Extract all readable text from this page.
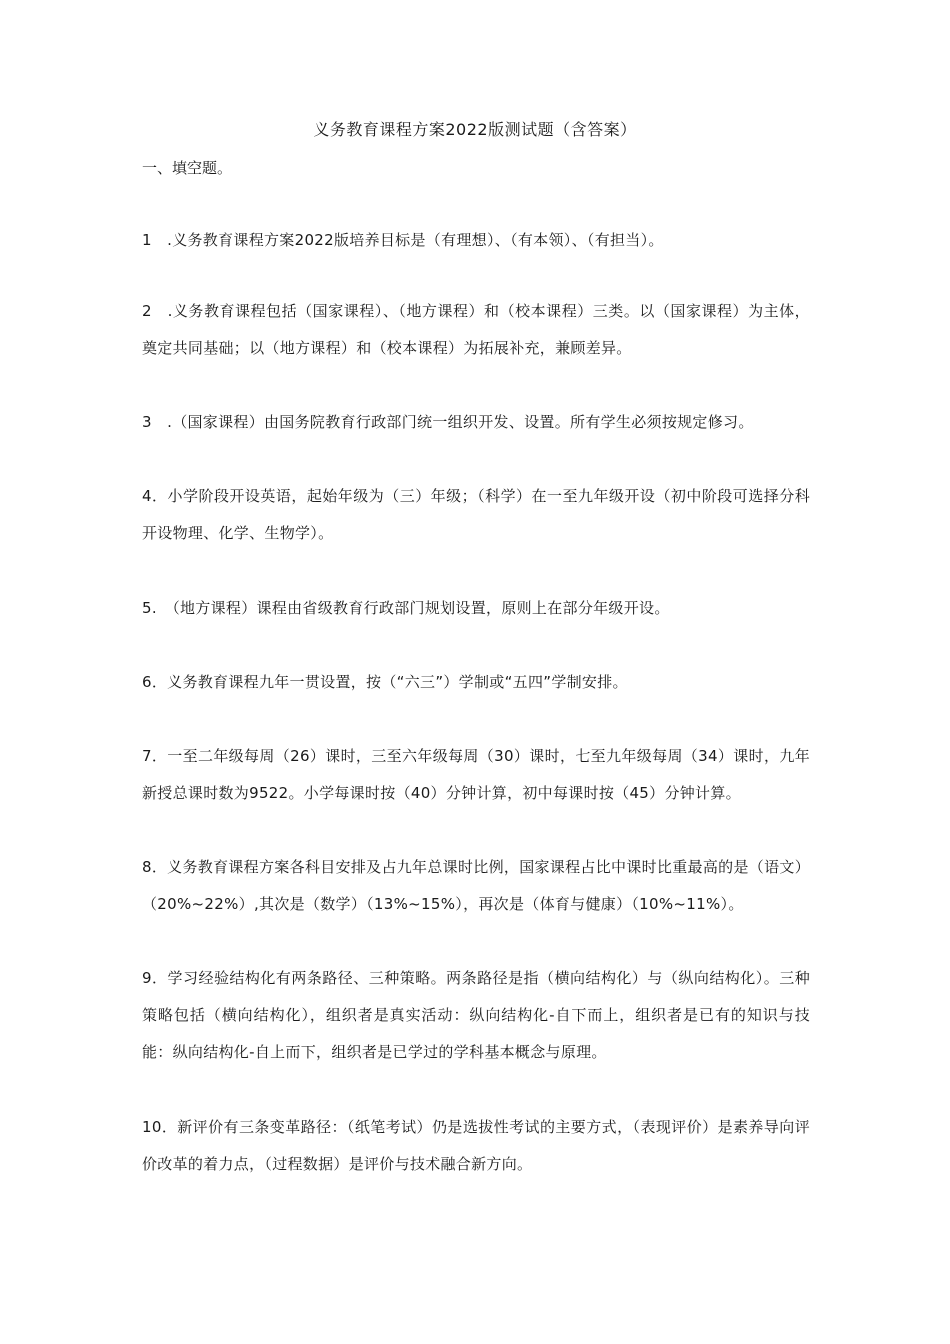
义务教育课程方案2022版测试题（含答案）
一、填空题。
1　.义务教育课程方案2022版培养目标是（有理想）、（有本领）、（有担当）。
2　.义务教育课程包括（国家课程）、（地方课程）和（校本课程）三类。以（国家课程）为主体，奠定共同基础；以（地方课程）和（校本课程）为拓展补充，兼顾差异。
3　.（国家课程）由国务院教育行政部门统一组织开发、设置。所有学生必须按规定修习。
4．小学阶段开设英语，起始年级为（三）年级；（科学）在一至九年级开设（初中阶段可选择分科开设物理、化学、生物学）。
5.　（地方课程）课程由省级教育行政部门规划设置，原则上在部分年级开设。
6．义务教育课程九年一贯设置，按（“六三”）学制或“五四”学制安排。
7．一至二年级每周（26）课时，三至六年级每周（30）课时，七至九年级每周（34）课时，九年新授总课时数为9522。小学每课时按（40）分钟计算，初中每课时按（45）分钟计算。
8．义务教育课程方案各科目安排及占九年总课时比例，国家课程占比中课时比重最高的是（语文）（20%~22%）,其次是（数学）（13%~15%），再次是（体育与健康）（10%~11%）。
9．学习经验结构化有两条路径、三种策略。两条路径是指（横向结构化）与（纵向结构化）。三种策略包括（横向结构化），组织者是真实活动：纵向结构化-自下而上，组织者是已有的知识与技能：纵向结构化-自上而下，组织者是已学过的学科基本概念与原理。
10．新评价有三条变革路径：（纸笔考试）仍是选拔性考试的主要方式，（表现评价）是素养导向评价改革的着力点，（过程数据）是评价与技术融合新方向。
